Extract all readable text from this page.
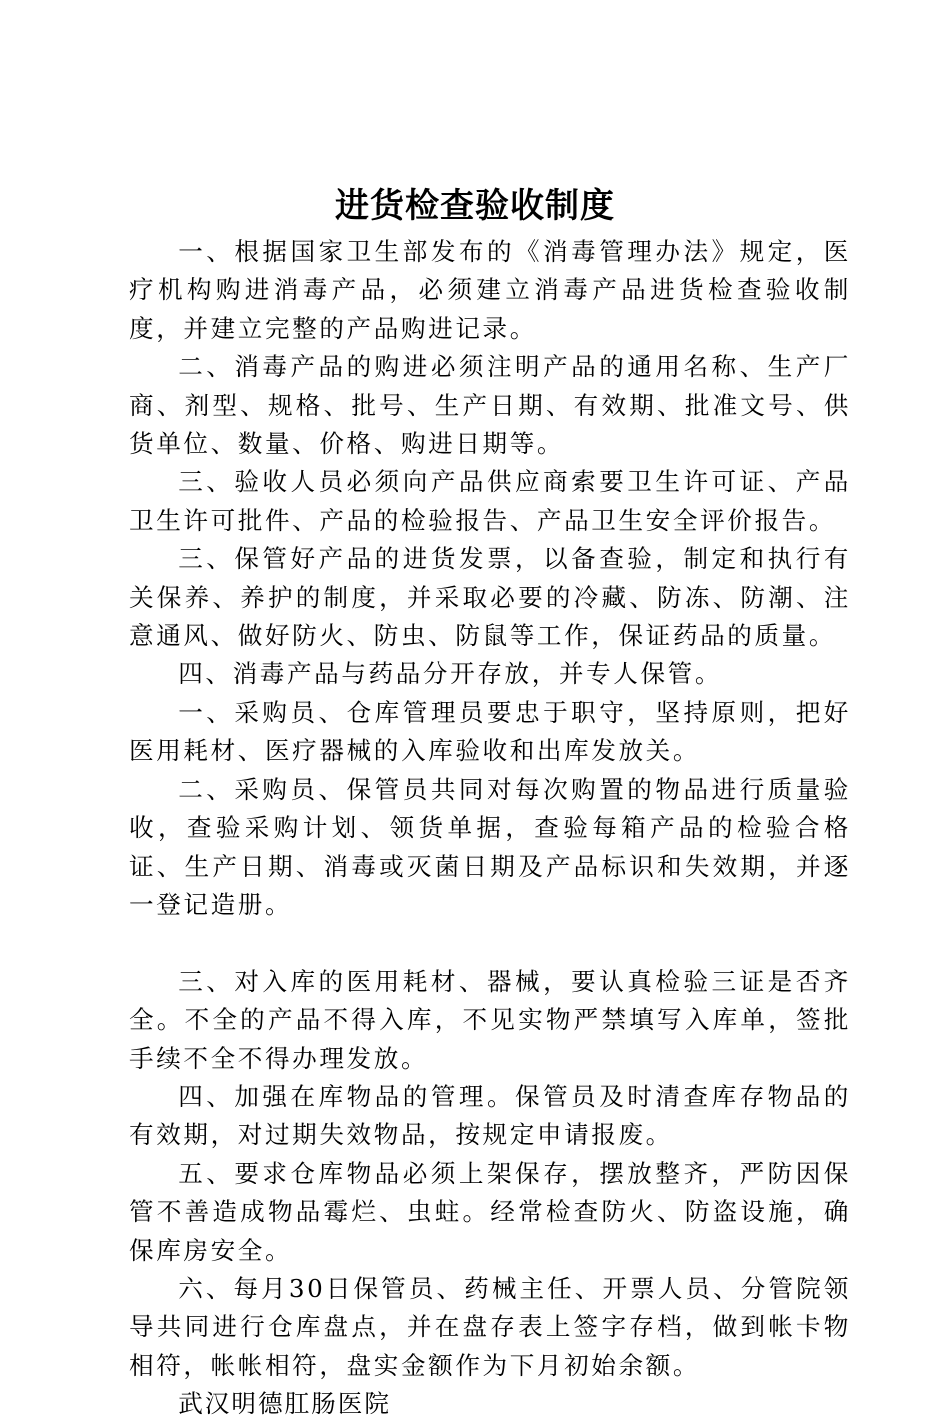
进货检查验收制度

一、根据国家卫生部发布的《消毒管理办法》规定，医疗机构购进消毒产品，必须建立消毒产品进货检查验收制度，并建立完整的产品购进记录。

二、消毒产品的购进必须注明产品的通用名称、生产厂商、剂型、规格、批号、生产日期、有效期、批准文号、供货单位、数量、价格、购进日期等。

三、验收人员必须向产品供应商索要卫生许可证、产品卫生许可批件、产品的检验报告、产品卫生安全评价报告。

三、保管好产品的进货发票，以备查验，制定和执行有关保养、养护的制度，并采取必要的冷藏、防冻、防潮、注意通风、做好防火、防虫、防鼠等工作，保证药品的质量。

四、消毒产品与药品分开存放，并专人保管。

一、采购员、仓库管理员要忠于职守，坚持原则，把好医用耗材、医疗器械的入库验收和出库发放关。

二、采购员、保管员共同对每次购置的物品进行质量验收，查验采购计划、领货单据，查验每箱产品的检验合格证、生产日期、消毒或灭菌日期及产品标识和失效期，并逐一登记造册。

三、对入库的医用耗材、器械，要认真检验三证是否齐全。不全的产品不得入库，不见实物严禁填写入库单，签批手续不全不得办理发放。

四、加强在库物品的管理。保管员及时清查库存物品的有效期，对过期失效物品，按规定申请报废。

五、要求仓库物品必须上架保存，摆放整齐，严防因保管不善造成物品霉烂、虫蛀。经常检查防火、防盗设施，确保库房安全。

六、每月30日保管员、药械主任、开票人员、分管院领导共同进行仓库盘点，并在盘存表上签字存档，做到帐卡物相符，帐帐相符，盘实金额作为下月初始余额。

武汉明德肛肠医院
